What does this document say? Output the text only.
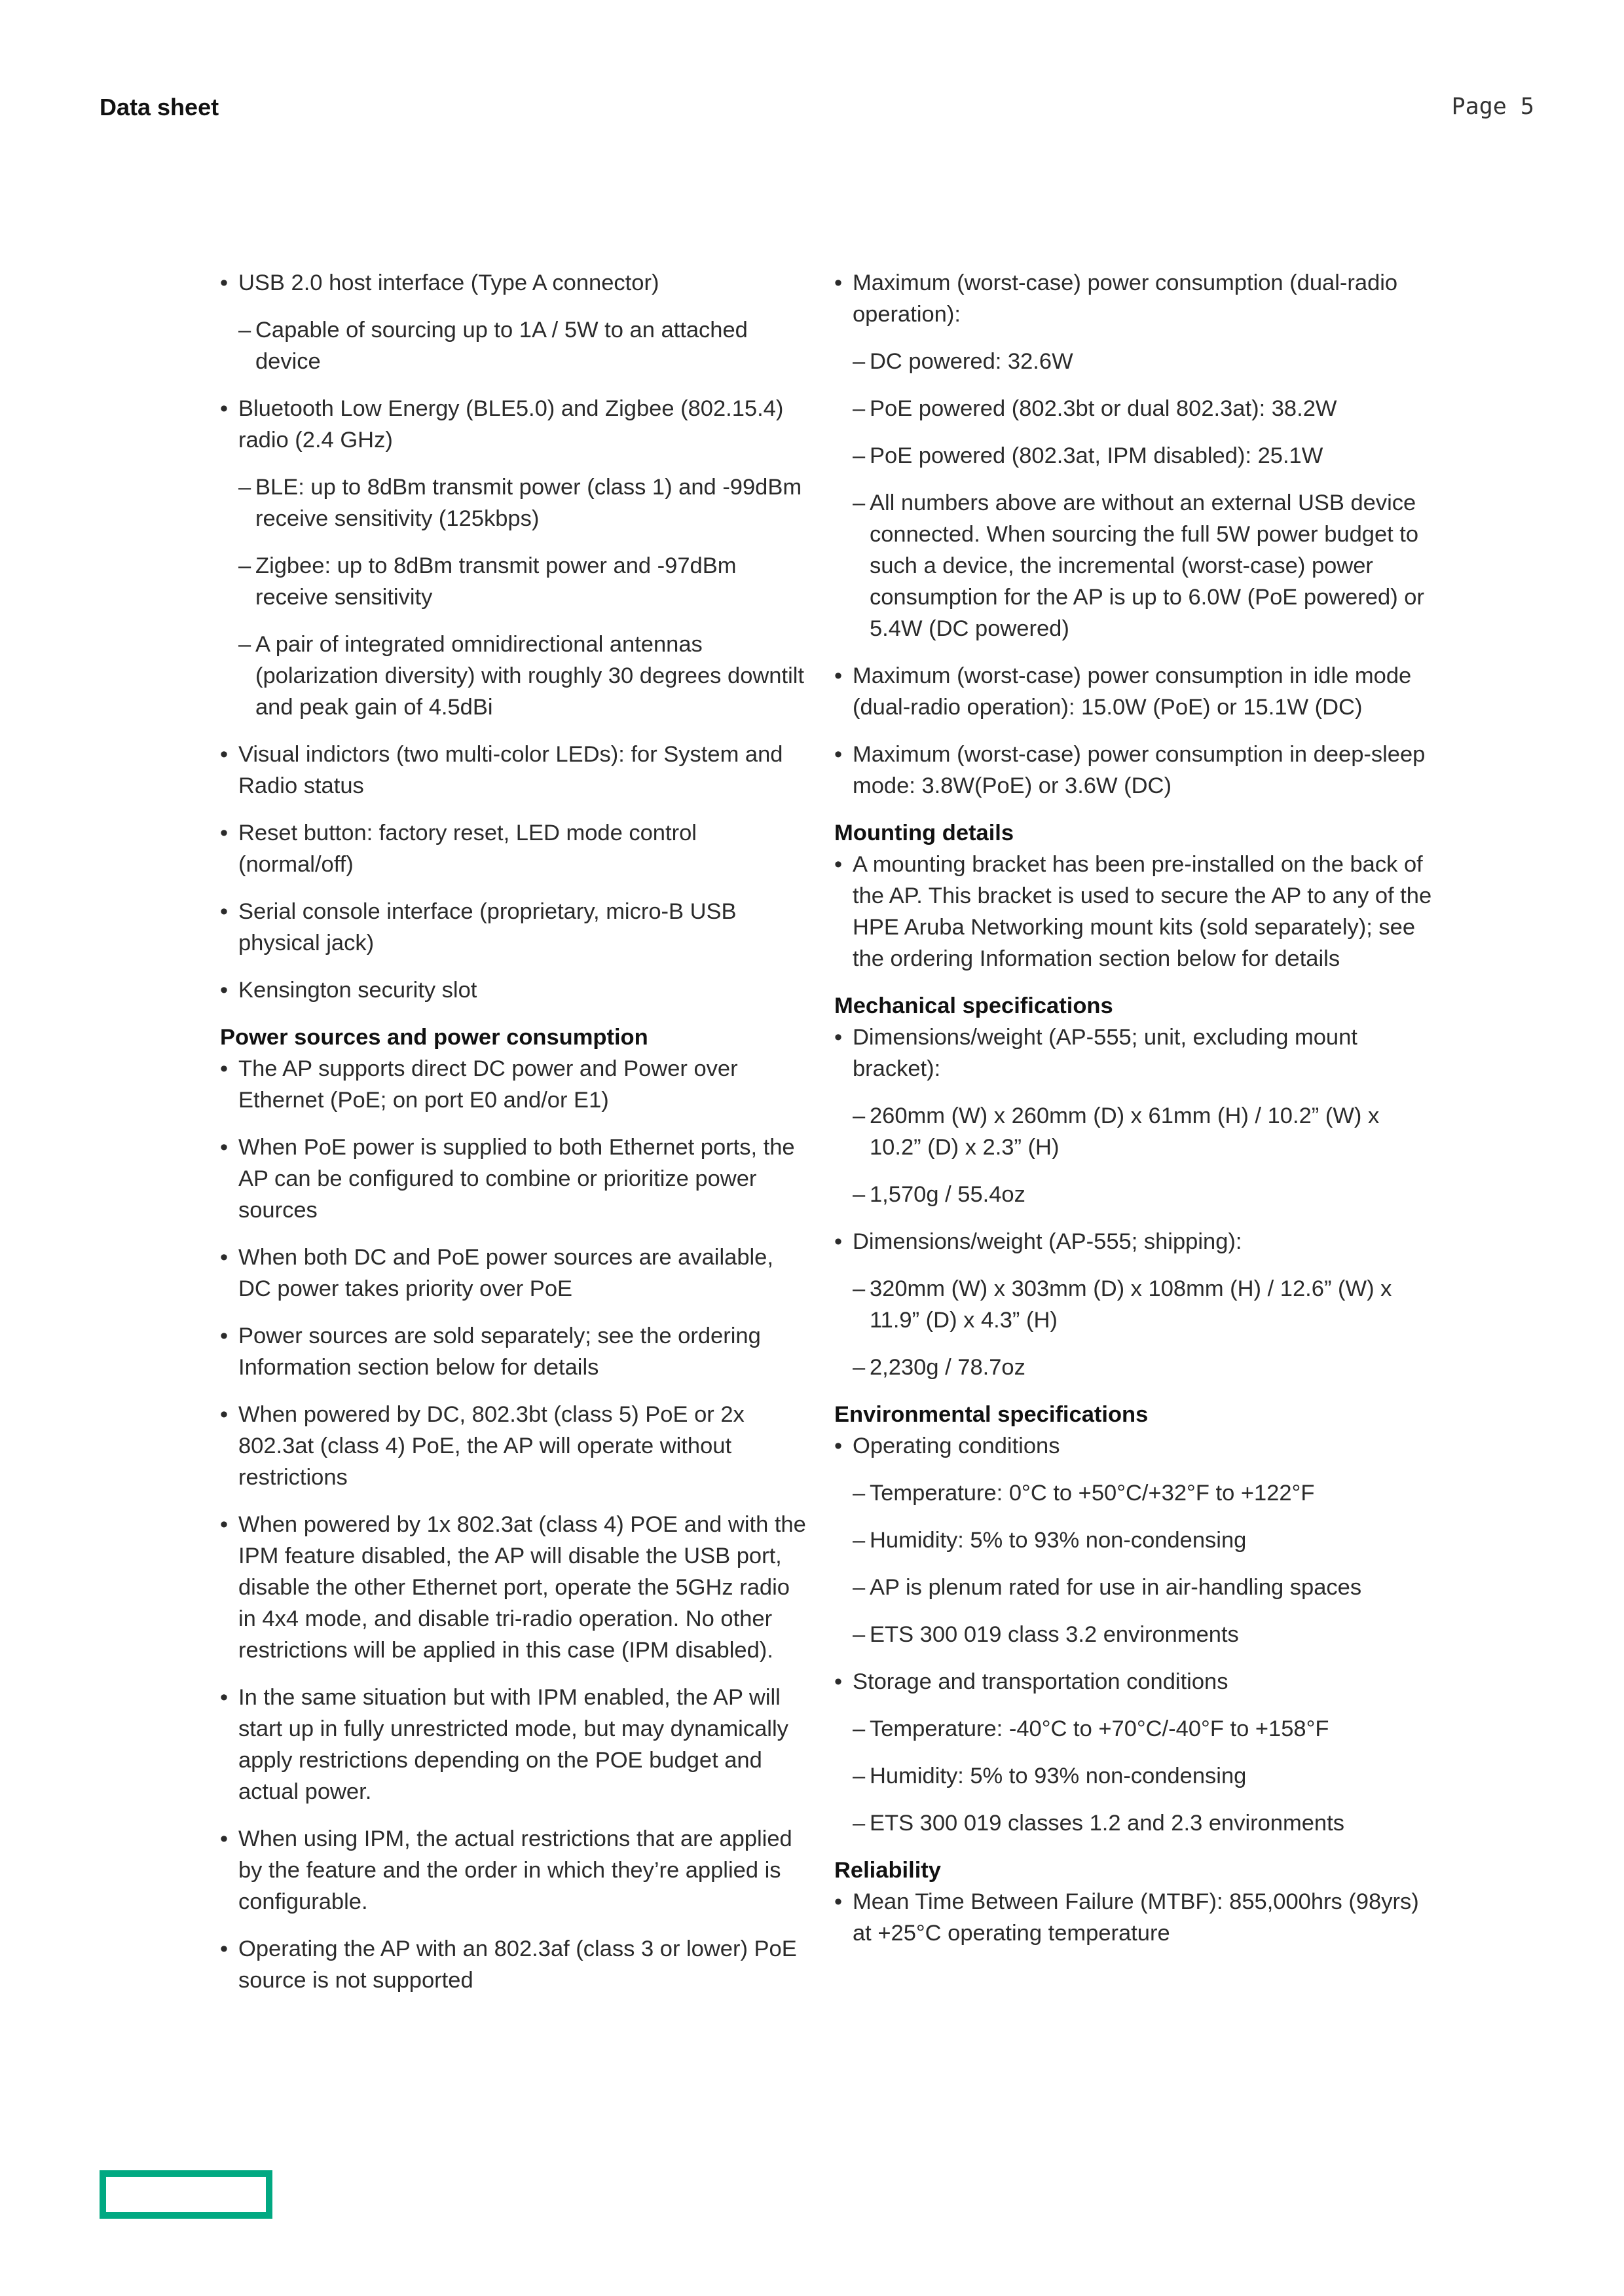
Data sheet	Page 5
• USB 2.0 host interface (Type A connector)
– Capable of sourcing up to 1A / 5W to an attached device
• Bluetooth Low Energy (BLE5.0) and Zigbee (802.15.4) radio (2.4 GHz)
– BLE: up to 8dBm transmit power (class 1) and -99dBm receive sensitivity (125kbps)
– Zigbee: up to 8dBm transmit power and -97dBm receive sensitivity
– A pair of integrated omnidirectional antennas (polarization diversity) with roughly 30 degrees downtilt and peak gain of 4.5dBi
• Visual indictors (two multi-color LEDs): for System and Radio status
• Reset button: factory reset, LED mode control (normal/off)
• Serial console interface (proprietary, micro-B USB physical jack)
• Kensington security slot
Power sources and power consumption
• The AP supports direct DC power and Power over Ethernet (PoE; on port E0 and/or E1)
• When PoE power is supplied to both Ethernet ports, the AP can be configured to combine or prioritize power sources
• When both DC and PoE power sources are available, DC power takes priority over PoE
• Power sources are sold separately; see the ordering Information section below for details
• When powered by DC, 802.3bt (class 5) PoE or 2x 802.3at (class 4) PoE, the AP will operate without restrictions
• When powered by 1x 802.3at (class 4) POE and with the IPM feature disabled, the AP will disable the USB port, disable the other Ethernet port, operate the 5GHz radio in 4x4 mode, and disable tri-radio operation. No other restrictions will be applied in this case (IPM disabled).
• In the same situation but with IPM enabled, the AP will start up in fully unrestricted mode, but may dynamically apply restrictions depending on the POE budget and actual power.
• When using IPM, the actual restrictions that are applied by the feature and the order in which they’re applied is configurable.
• Operating the AP with an 802.3af (class 3 or lower) PoE source is not supported
• Maximum (worst-case) power consumption (dual-radio operation):
– DC powered: 32.6W
– PoE powered (802.3bt or dual 802.3at): 38.2W
– PoE powered (802.3at, IPM disabled): 25.1W
– All numbers above are without an external USB device connected. When sourcing the full 5W power budget to such a device, the incremental (worst-case) power consumption for the AP is up to 6.0W (PoE powered) or 5.4W (DC powered)
• Maximum (worst-case) power consumption in idle mode (dual-radio operation): 15.0W (PoE) or 15.1W (DC)
• Maximum (worst-case) power consumption in deep-sleep mode: 3.8W(PoE) or 3.6W (DC)
Mounting details
• A mounting bracket has been pre-installed on the back of the AP. This bracket is used to secure the AP to any of the HPE Aruba Networking mount kits (sold separately); see the ordering Information section below for details
Mechanical specifications
• Dimensions/weight (AP-555; unit, excluding mount bracket):
– 260mm (W) x 260mm (D) x 61mm (H) / 10.2” (W) x 10.2” (D) x 2.3” (H)
– 1,570g / 55.4oz
• Dimensions/weight (AP-555; shipping):
– 320mm (W) x 303mm (D) x 108mm (H) / 12.6” (W) x 11.9” (D) x 4.3” (H)
– 2,230g / 78.7oz
Environmental specifications
• Operating conditions
– Temperature: 0°C to +50°C/+32°F to +122°F
– Humidity: 5% to 93% non-condensing
– AP is plenum rated for use in air-handling spaces
– ETS 300 019 class 3.2 environments
• Storage and transportation conditions
– Temperature: -40°C to +70°C/-40°F to +158°F
– Humidity: 5% to 93% non-condensing
– ETS 300 019 classes 1.2 and 2.3 environments
Reliability
• Mean Time Between Failure (MTBF): 855,000hrs (98yrs) at +25°C operating temperature
